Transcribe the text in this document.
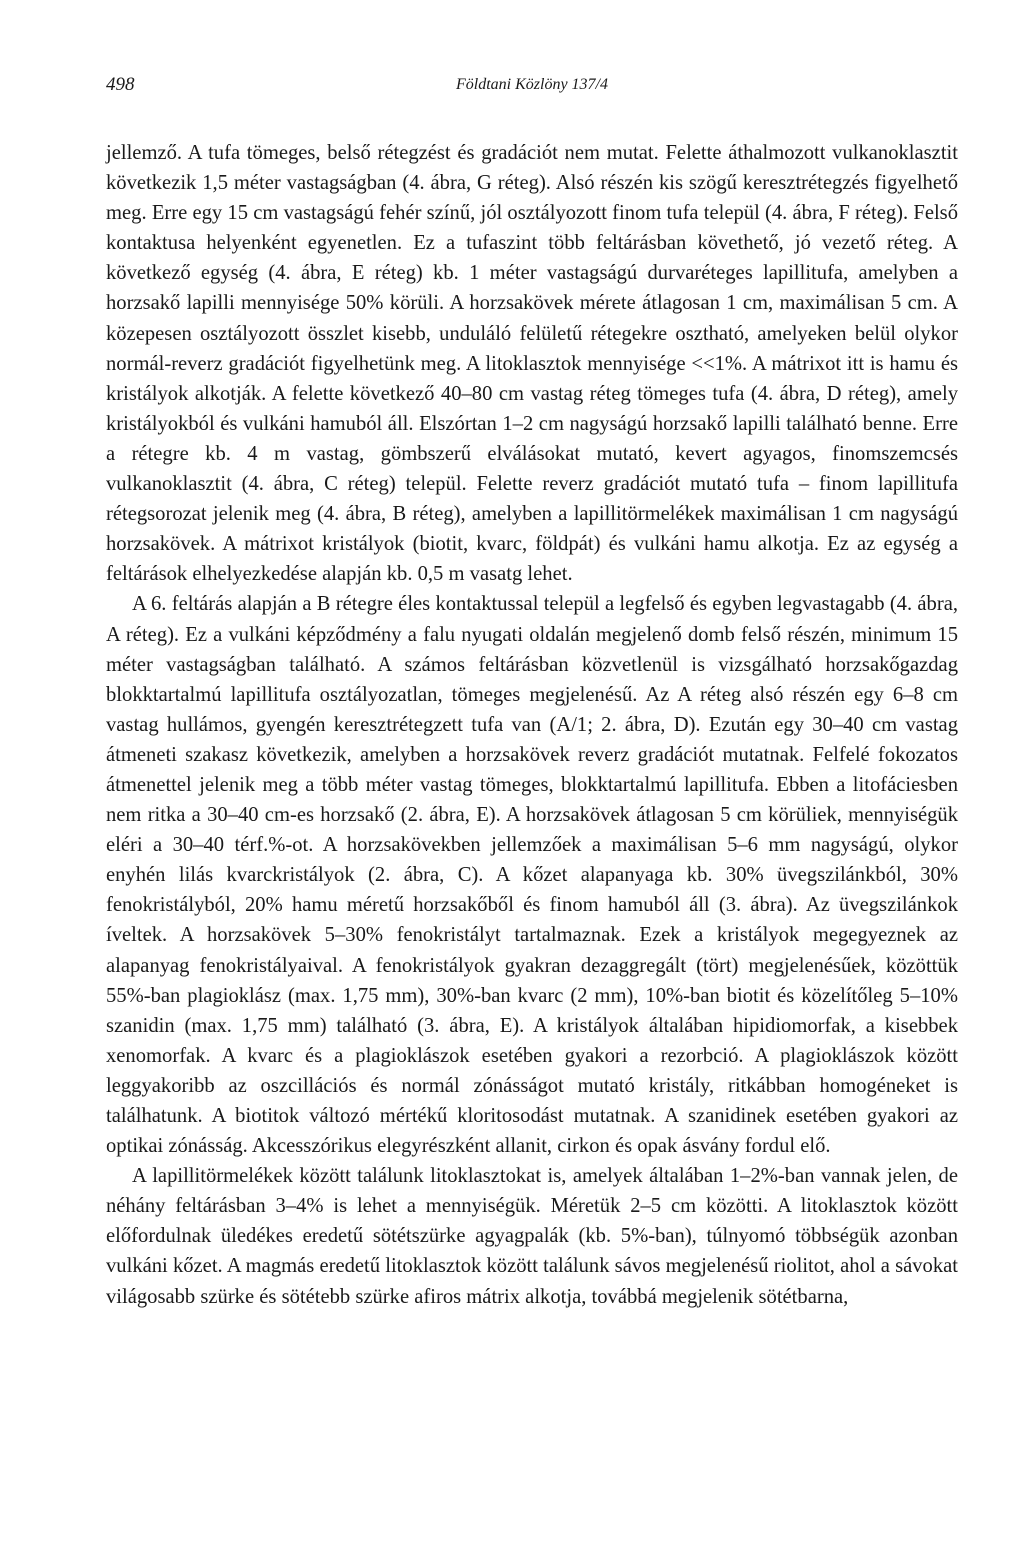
498	Földtani Közlöny 137/4

jellemző. A tufa tömeges, belső rétegzést és gradációt nem mutat. Felette áthalmozott vulkanoklasztit következik 1,5 méter vastagságban (4. ábra, G réteg). Alsó részén kis szögű keresztrétegzés figyelhető meg. Erre egy 15 cm vastagságú fehér színű, jól osztályozott finom tufa települ (4. ábra, F réteg). Felső kontaktusa helyenként egyenetlen. Ez a tufaszint több feltárásban követhető, jó vezető réteg. A következő egység (4. ábra, E réteg) kb. 1 méter vastagságú durvaréteges lapillitufa, amelyben a horzsakő lapilli mennyisége 50% körüli. A horzsakövek mérete átlagosan 1 cm, maximálisan 5 cm. A közepesen osztályozott összlet kisebb, unduláló felületű rétegekre osztható, amelyeken belül olykor normál-reverz gradációt figyelhetünk meg. A litoklasztok mennyisége <<1%. A mátrixot itt is hamu és kristályok alkotják. A felette következő 40–80 cm vastag réteg tömeges tufa (4. ábra, D réteg), amely kristályokból és vulkáni hamuból áll. Elszórtan 1–2 cm nagyságú horzsakő lapilli található benne. Erre a rétegre kb. 4 m vastag, gömbszerű elválásokat mutató, kevert agyagos, finomszemcsés vulkanoklasztit (4. ábra, C réteg) települ. Felette reverz gradációt mutató tufa – finom lapillitufa rétegsorozat jelenik meg (4. ábra, B réteg), amelyben a lapillitörmelékek maximálisan 1 cm nagyságú horzsakövek. A mátrixot kristályok (biotit, kvarc, földpát) és vulkáni hamu alkotja. Ez az egység a feltárások elhelyezkedése alapján kb. 0,5 m vasatg lehet.

A 6. feltárás alapján a B rétegre éles kontaktussal települ a legfelső és egyben legvastagabb (4. ábra, A réteg). Ez a vulkáni képződmény a falu nyugati oldalán megjelenő domb felső részén, minimum 15 méter vastagságban található. A számos feltárásban közvetlenül is vizsgálható horzsakőgazdag blokktartalmú lapillitufa osztályozatlan, tömeges megjelenésű. Az A réteg alsó részén egy 6–8 cm vastag hullámos, gyengén keresztrétegzett tufa van (A/1; 2. ábra, D). Ezután egy 30–40 cm vastag átmeneti szakasz következik, amelyben a horzsakövek reverz gradációt mutatnak. Felfelé fokozatos átmenettel jelenik meg a több méter vastag tömeges, blokktartalmú lapillitufa. Ebben a litofáciesben nem ritka a 30–40 cm-es horzsakő (2. ábra, E). A horzsakövek átlagosan 5 cm körüliek, mennyiségük eléri a 30–40 térf.%-ot. A horzsakövekben jellemzőek a maximálisan 5–6 mm nagyságú, olykor enyhén lilás kvarckristályok (2. ábra, C). A kőzet alapanyaga kb. 30% üvegszilánkból, 30% fenokristályból, 20% hamu méretű horzsakőből és finom hamuból áll (3. ábra). Az üvegszilánkok íveltek. A horzsakövek 5–30% fenokristályt tartalmaznak. Ezek a kristályok megegyeznek az alapanyag fenokristályaival. A fenokristályok gyakran dezaggregált (tört) megjelenésűek, közöttük 55%-ban plagioklász (max. 1,75 mm), 30%-ban kvarc (2 mm), 10%-ban biotit és közelítőleg 5–10% szanidin (max. 1,75 mm) található (3. ábra, E). A kristályok általában hipidiomorfak, a kisebbek xenomorfak. A kvarc és a plagioklászok esetében gyakori a rezorbció. A plagioklászok között leggyakoribb az oszcillációs és normál zónásságot mutató kristály, ritkábban homogéneket is találhatunk. A biotitok változó mértékű kloritosodást mutatnak. A szanidinek esetében gyakori az optikai zónásság. Akcesszórikus elegyrészként allanit, cirkon és opak ásvány fordul elő.

A lapillitörmelékek között találunk litoklasztokat is, amelyek általában 1–2%-ban vannak jelen, de néhány feltárásban 3–4% is lehet a mennyiségük. Méretük 2–5 cm közötti. A litoklasztok között előfordulnak üledékes eredetű sötétszürke agyagpalák (kb. 5%-ban), túlnyomó többségük azonban vulkáni kőzet. A magmás eredetű litoklasztok között találunk sávos megjelenésű riolitot, ahol a sávokat világosabb szürke és sötétebb szürke afiros mátrix alkotja, továbbá megjelenik sötétbarna,
